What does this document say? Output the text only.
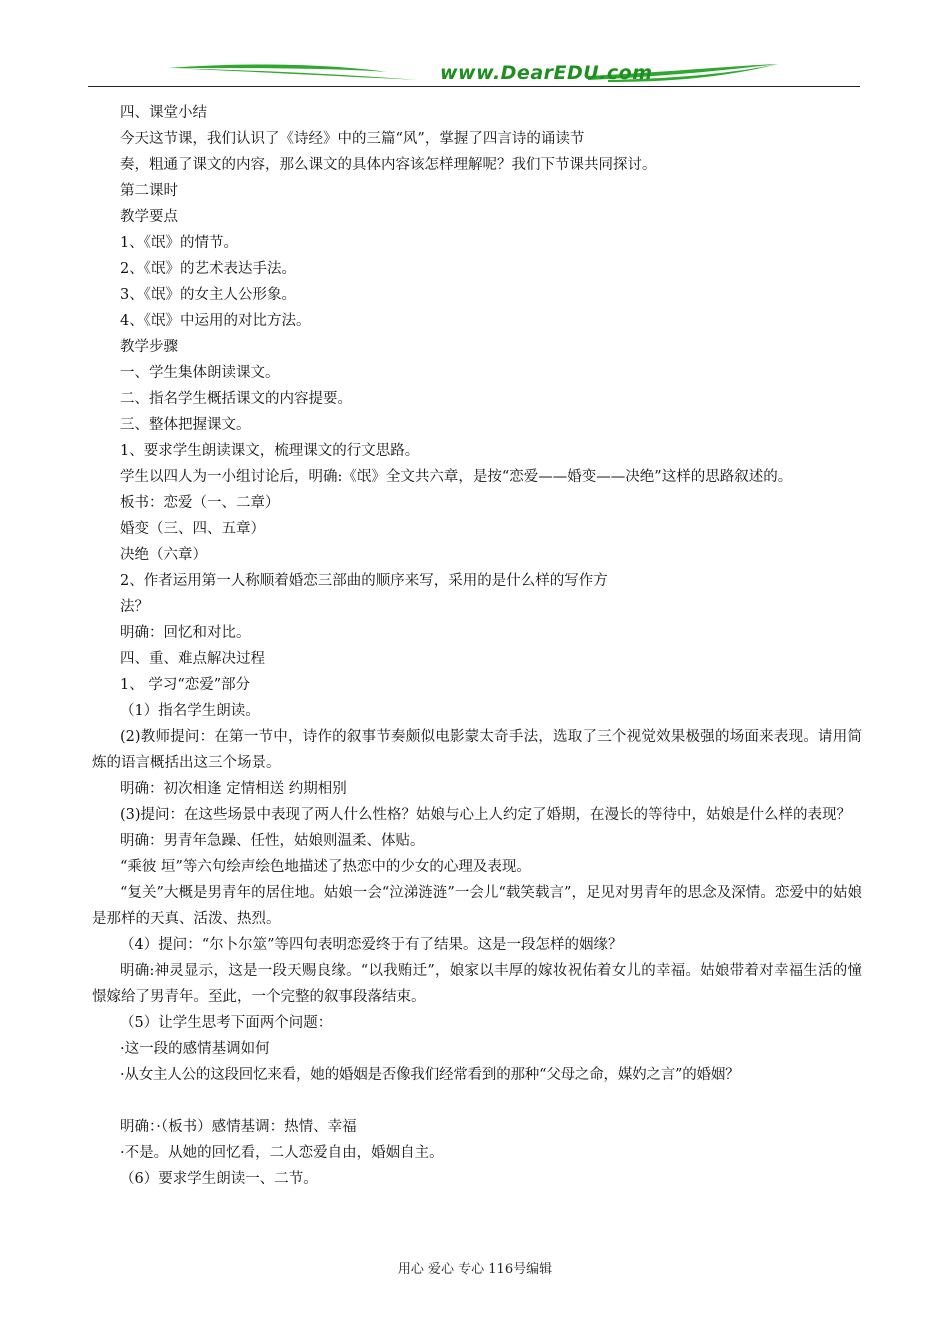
www.DearEDU.com
四、课堂小结
今天这节课，我们认识了《诗经》中的三篇“风”，掌握了四言诗的诵读节
奏，粗通了课文的内容，那么课文的具体内容该怎样理解呢？我们下节课共同探讨。
第二课时
教学要点
1、《氓》的情节。
2、《氓》的艺术表达手法。
3、《氓》的女主人公形象。
4、《氓》中运用的对比方法。
教学步骤
一、学生集体朗读课文。
二、指名学生概括课文的内容提要。
三、整体把握课文。
1、要求学生朗读课文，梳理课文的行文思路。
学生以四人为一小组讨论后，明确:《氓》全文共六章，是按“恋爱——婚变——决绝”这样的思路叙述的。
板书：恋爱（一、二章）
婚变（三、四、五章）
决绝（六章）
2、作者运用第一人称顺着婚恋三部曲的顺序来写，采用的是什么样的写作方
法？
明确：回忆和对比。
四、重、难点解决过程
1、 学习“恋爱”部分
（1）指名学生朗读。
(2)教师提问：在第一节中，诗作的叙事节奏颇似电影蒙太奇手法，选取了三个视觉效果极强的场面来表现。请用简炼的语言概括出这三个场景。
明确：初次相逢 定情相送 约期相别
(3)提问：在这些场景中表现了两人什么性格？姑娘与心上人约定了婚期，在漫长的等待中，姑娘是什么样的表现？
明确：男青年急躁、任性，姑娘则温柔、体贴。
“乘彼 垣”等六句绘声绘色地描述了热恋中的少女的心理及表现。
“复关”大概是男青年的居住地。姑娘一会“泣涕涟涟”一会儿“载笑载言”，足见对男青年的思念及深情。恋爱中的姑娘是那样的天真、活泼、热烈。
（4）提问：“尔卜尔筮”等四句表明恋爱终于有了结果。这是一段怎样的姻缘？
明确:神灵显示，这是一段天赐良缘。“以我贿迁”，娘家以丰厚的嫁妆祝佑着女儿的幸福。姑娘带着对幸福生活的憧憬嫁给了男青年。至此，一个完整的叙事段落结束。
（5）让学生思考下面两个问题：
·这一段的感情基调如何
·从女主人公的这段回忆来看，她的婚姻是否像我们经常看到的那种“父母之命，媒妁之言”的婚姻？
明确：·（板书）感情基调：热情、幸福
·不是。从她的回忆看，二人恋爱自由，婚姻自主。
（6）要求学生朗读一、二节。
用心 爱心 专心 116号编辑
